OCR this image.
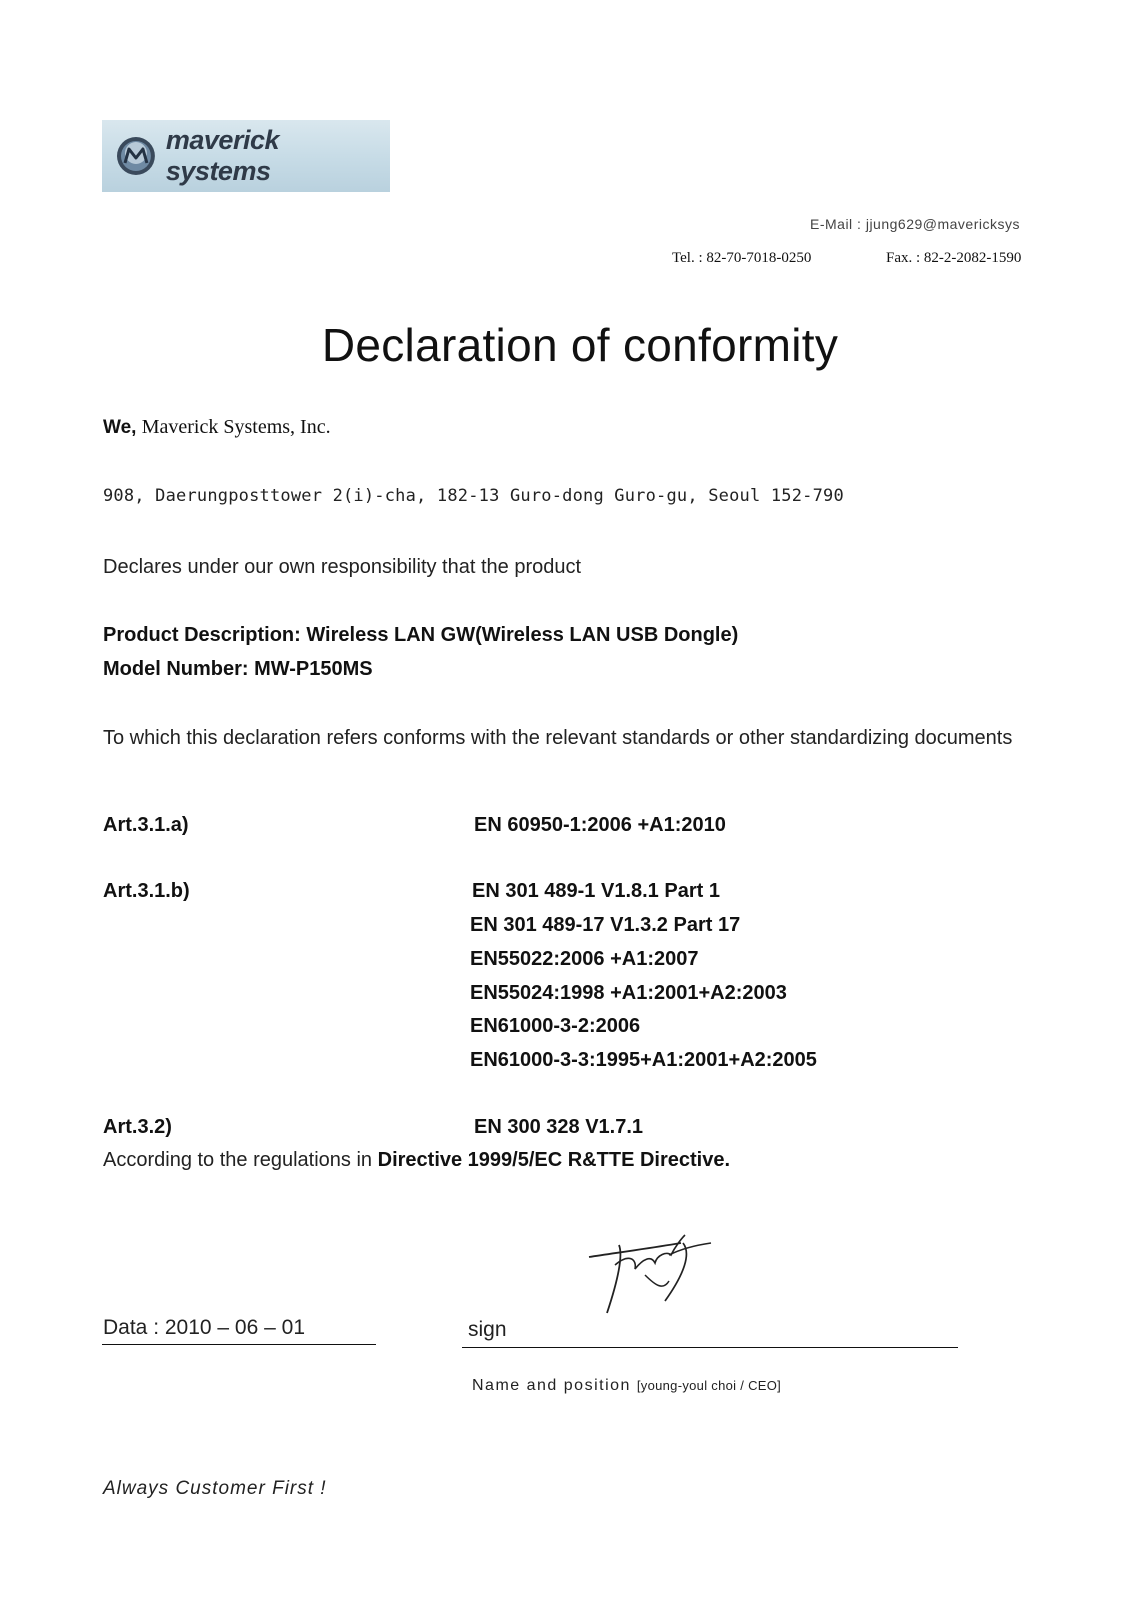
maverick systems
E-Mail : jjung629@mavericksys
Tel. : 82-70-7018-0250	Fax. : 82-2-2082-1590
Declaration of conformity
We, Maverick Systems, Inc.
908, Daerungposttower 2(i)-cha, 182-13 Guro-dong Guro-gu, Seoul 152-790
Declares under our own responsibility that the product
Product Description: Wireless LAN GW(Wireless LAN USB Dongle)
Model Number: MW-P150MS
To which this declaration refers conforms with the relevant standards or other standardizing documents
Art.3.1.a)	EN 60950-1:2006 +A1:2010
Art.3.1.b)	EN 301 489-1 V1.8.1 Part 1
EN 301 489-17 V1.3.2 Part 17
EN55022:2006 +A1:2007
EN55024:1998 +A1:2001+A2:2003
EN61000-3-2:2006
EN61000-3-3:1995+A1:2001+A2:2005
Art.3.2)	EN 300 328 V1.7.1
According to the regulations in Directive 1999/5/EC R&TTE Directive.
Data : 2010 – 06 – 01	sign
Name and position [young-youl choi / CEO]
Always Customer First !
